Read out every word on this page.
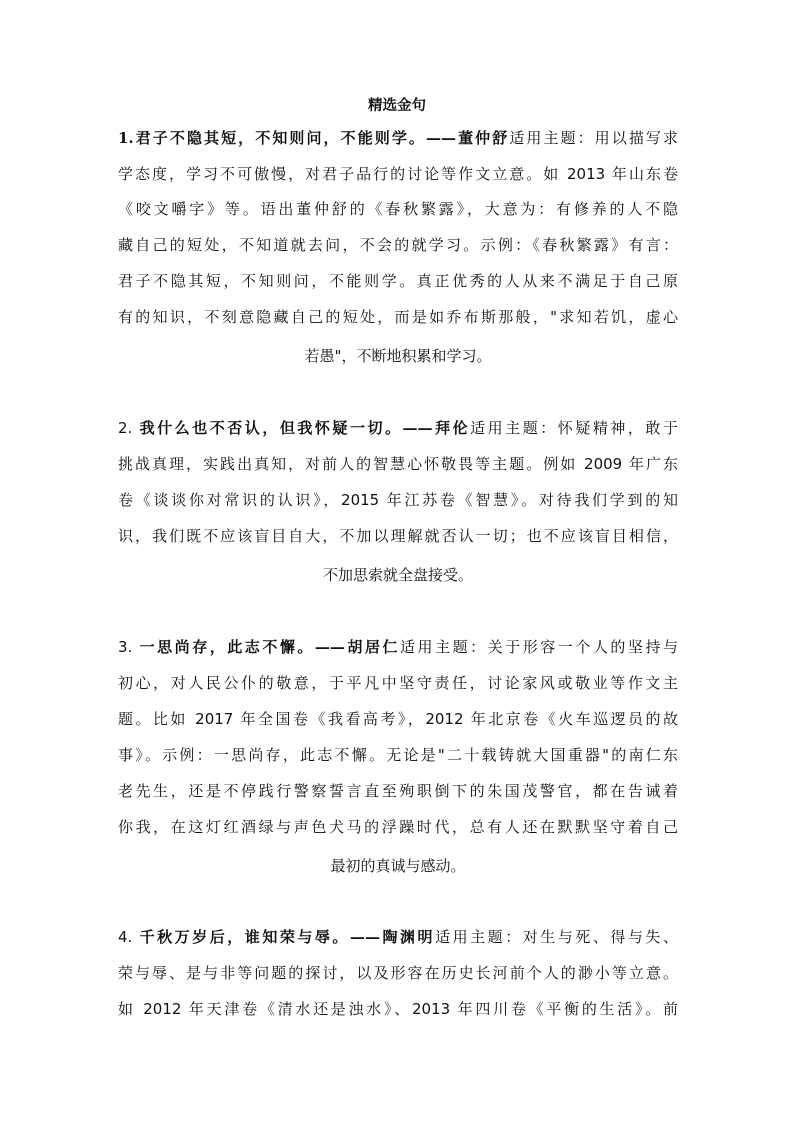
精选金句
1.君子不隐其短，不知则问，不能则学。——董仲舒适用主题：用以描写求
学态度，学习不可傲慢，对君子品行的讨论等作文立意。如 2013 年山东卷
《咬文嚼字》等。语出董仲舒的《春秋繁露》，大意为：有修养的人不隐
藏自己的短处，不知道就去问，不会的就学习。示例：《春秋繁露》有言：
君子不隐其短，不知则问，不能则学。真正优秀的人从来不满足于自己原
有的知识，不刻意隐藏自己的短处，而是如乔布斯那般，"求知若饥，虚心
若愚"，不断地积累和学习。
2. 我什么也不否认，但我怀疑一切。——拜伦适用主题：怀疑精神，敢于
挑战真理，实践出真知，对前人的智慧心怀敬畏等主题。例如 2009 年广东
卷《谈谈你对常识的认识》，2015 年江苏卷《智慧》。对待我们学到的知
识，我们既不应该盲目自大，不加以理解就否认一切；也不应该盲目相信，
不加思索就全盘接受。
3. 一思尚存，此志不懈。——胡居仁适用主题：关于形容一个人的坚持与
初心，对人民公仆的敬意，于平凡中坚守责任，讨论家风或敬业等作文主
题。比如 2017 年全国卷《我看高考》，2012 年北京卷《火车巡逻员的故
事》。示例：一思尚存，此志不懈。无论是"二十载铸就大国重器"的南仁东
老先生，还是不停践行警察誓言直至殉职倒下的朱国茂警官，都在告诫着
你我，在这灯红酒绿与声色犬马的浮躁时代，总有人还在默默坚守着自己
最初的真诚与感动。
4. 千秋万岁后，谁知荣与辱。——陶渊明适用主题：对生与死、得与失、
荣与辱、是与非等问题的探讨，以及形容在历史长河前个人的渺小等立意。
如 2012 年天津卷《清水还是浊水》、2013 年四川卷《平衡的生活》。前
